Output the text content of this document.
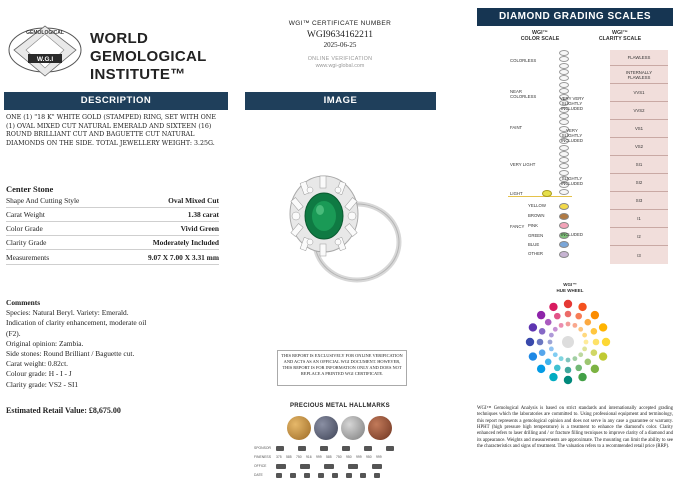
GEMOLOGICAL
W.G.I
WORLD
GEMOLOGICAL
INSTITUTE™
WGI™ CERTIFICATE NUMBER
WGI9634162211
2025-06-25
ONLINE VERIFICATION
www.wgi-global.com
DESCRIPTION
ONE (1) "18 K" WHITE GOLD (STAMPED) RING, SET WITH ONE (1) OVAL MIXED CUT NATURAL EMERALD AND SIXTEEN (16) ROUND BRILLIANT CUT AND BAGUETTE CUT NATURAL DIAMONDS ON THE SIDE. TOTAL JEWELLERY WEIGHT: 3.25G.
Center Stone
Shape And Cutting Style	Oval Mixed Cut
Carat Weight	1.38 carat
Color Grade	Vivid Green
Clarity Grade	Moderately Included
Measurements	9.07 X 7.00 X 3.31 mm
Comments
Species: Natural Beryl. Variety: Emerald.
Indication of clarity enhancement, moderate oil
(F2).
Original opinion: Zambia.
Side stones: Round Brilliant / Baguette cut.
Carat weight: 0.82ct.
Colour grade: H - I - J
Clarity grade: VS2 - SI1
Estimated Retail Value: £8,675.00
IMAGE
THIS REPORT IS EXCLUSIVELY FOR ONLINE VERIFICATION AND ACTS AS AN OFFICIAL WGI DOCUMENT. HOWEVER, THIS REPORT IS FOR INFORMATION ONLY AND DOES NOT REPLACE A PRINTED WGI CERTIFICATE.
PRECIOUS METAL HALLMARKS
SPONSOR
FINENESS
OFFICE
DATE
375 585 750 916 999 585 750 950 999 950 999
DIAMOND GRADING SCALES
WGI™
COLOR SCALE
WGI™
CLARITY SCALE
COLORLESS
NEAR
COLORLESS
FAINT
VERY LIGHT
LIGHT
FANCY
YELLOW
BROWN
PINK
GREEN
BLUE
OTHER
VERY VERY
SLIGHTLY
INCLUDED
VERY
SLIGHTLY
INCLUDED
SLIGHTLY
INCLUDED
INCLUDED
FLAWLESS
INTERNALLY
FLAWLESS
VVS1
VVS2
VS1
VS2
SI1
SI2
SI3
I1
I2
I3
WGI™
HUE WHEEL
WGI™ Gemological Analysis is based on strict standards and internationally accepted grading techniques which the laboratories are committed to. Using professional equipment and terminology, this report represents a gemological opinion and does not serve in any case a guarantee or warranty. HPHT (high pressure high temperature) is a treatment to enhance the diamond's color. Clarity enhanced refers to laser drilling and / or fracture filling tecniques to improve clarity of a diamond and its appearance. Weights and measurements are approximate. The mounting can limit the ability to see the characteristics and signs of treatment. The valuation refers to a recommended retail price (RRP).
